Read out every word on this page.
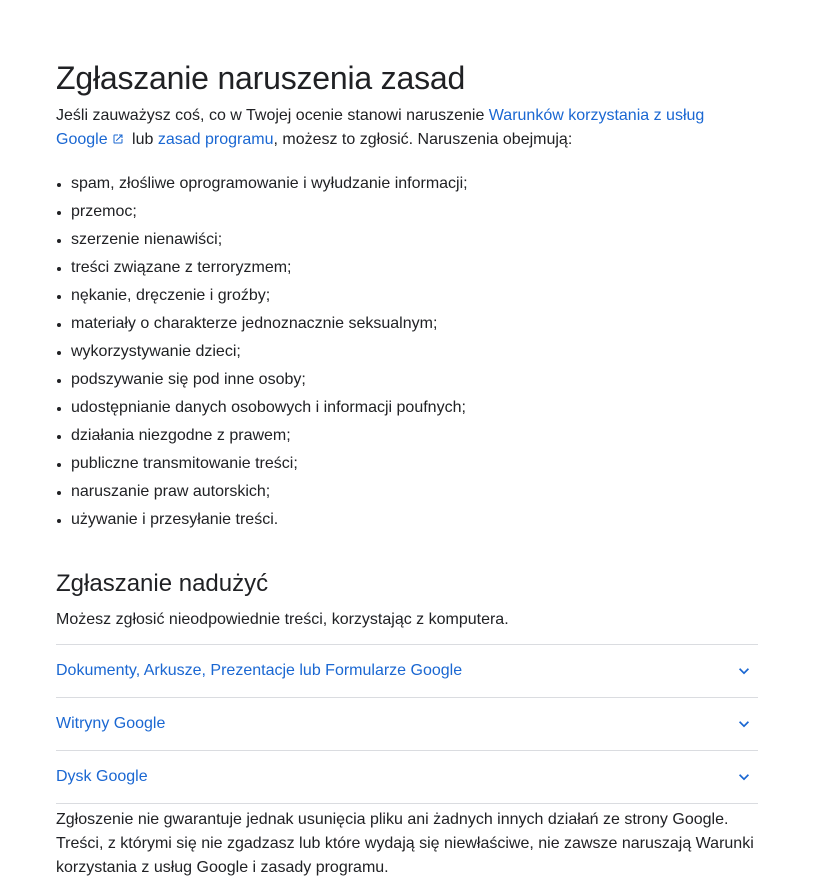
Zgłaszanie naruszenia zasad

Jeśli zauważysz coś, co w Twojej ocenie stanowi naruszenie Warunków korzystania z usług Google lub zasad programu, możesz to zgłosić. Naruszenia obejmują:

spam, złośliwe oprogramowanie i wyłudzanie informacji;
przemoc;
szerzenie nienawiści;
treści związane z terroryzmem;
nękanie, dręczenie i groźby;
materiały o charakterze jednoznacznie seksualnym;
wykorzystywanie dzieci;
podszywanie się pod inne osoby;
udostępnianie danych osobowych i informacji poufnych;
działania niezgodne z prawem;
publiczne transmitowanie treści;
naruszanie praw autorskich;
używanie i przesyłanie treści.
Zgłaszanie nadużyć

Możesz zgłosić nieodpowiednie treści, korzystając z komputera.

Dokumenty, Arkusze, Prezentacje lub Formularze Google
Witryny Google
Dysk Google

Zgłoszenie nie gwarantuje jednak usunięcia pliku ani żadnych innych działań ze strony Google. Treści, z którymi się nie zgadzasz lub które wydają się niewłaściwe, nie zawsze naruszają Warunki korzystania z usług Google i zasady programu.
